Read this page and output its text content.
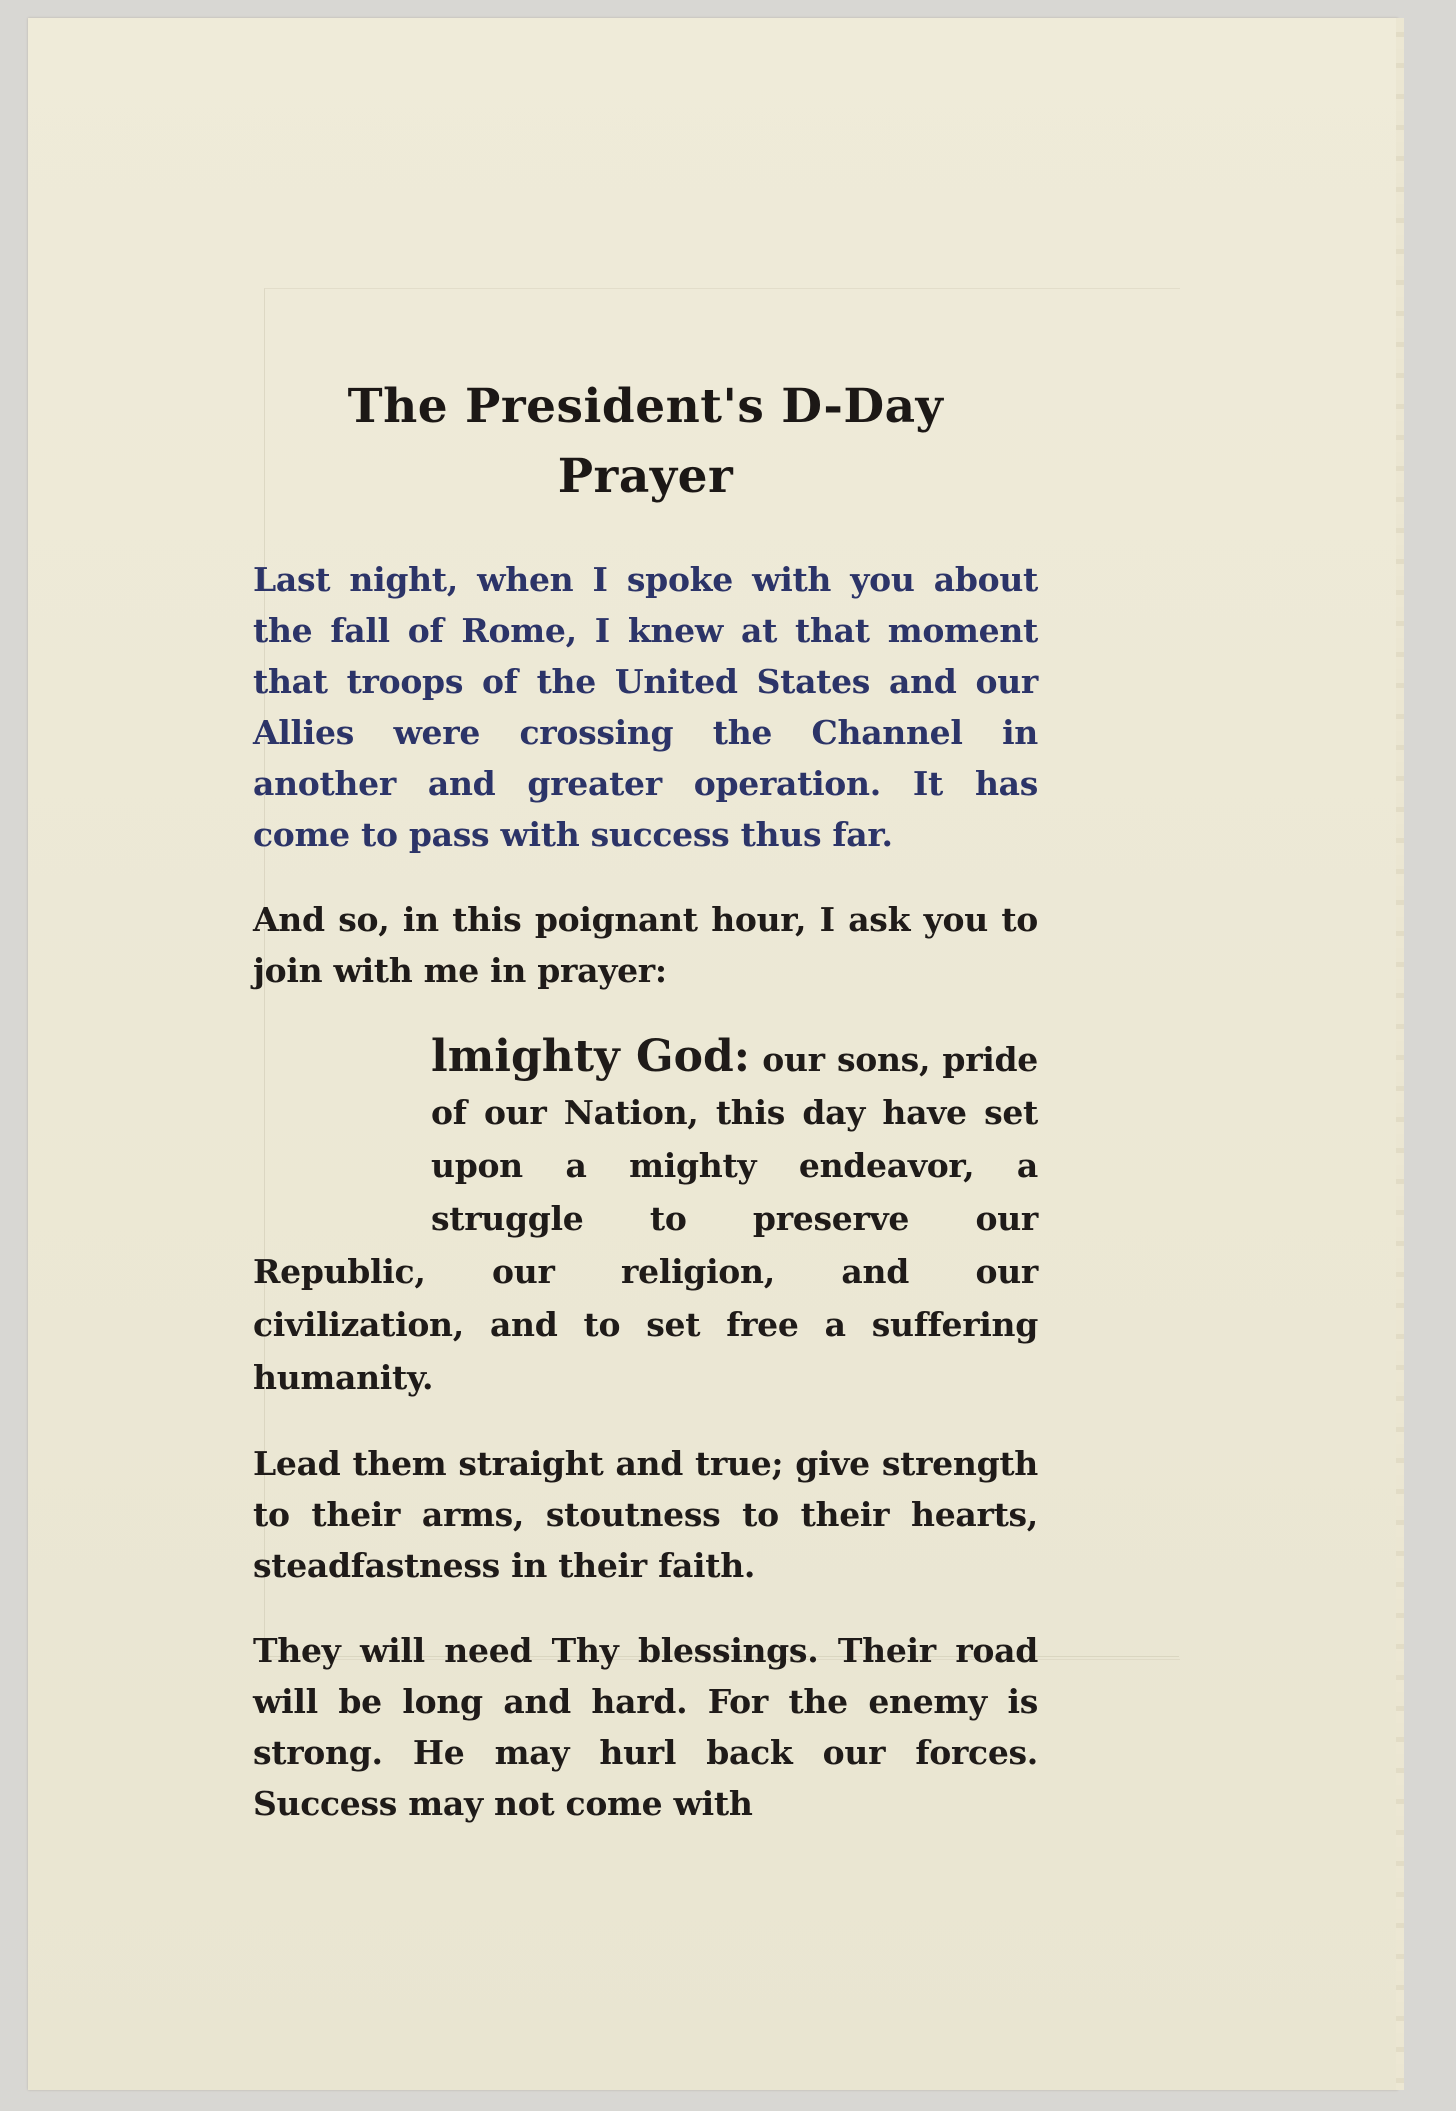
The President's D-Day Prayer

Last night, when I spoke with you about the fall of Rome, I knew at that moment that troops of the United States and our Allies were crossing the Channel in another and greater operation. It has come to pass with success thus far.

And so, in this poignant hour, I ask you to join with me in prayer:

lmighty God: our sons, pride of our Nation, this day have set upon a mighty endeavor, a struggle to preserve our Republic, our religion, and our civilization, and to set free a suffering humanity.

Lead them straight and true; give strength to their arms, stoutness to their hearts, steadfastness in their faith.

They will need Thy blessings. Their road will be long and hard. For the enemy is strong. He may hurl back our forces. Success may not come with
